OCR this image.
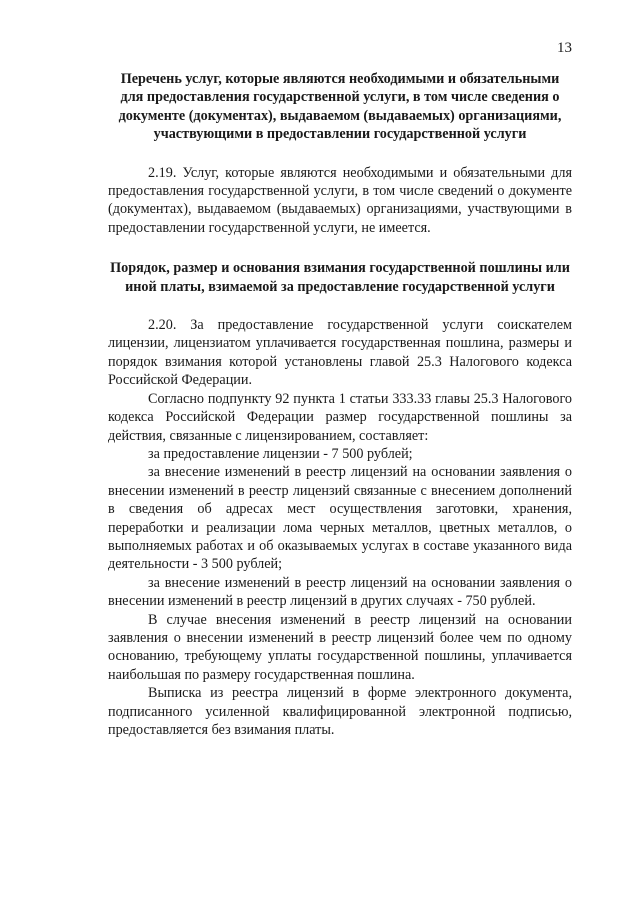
13

Перечень услуг, которые являются необходимыми и обязательными для предоставления государственной услуги, в том числе сведения о документе (документах), выдаваемом (выдаваемых) организациями, участвующими в предоставлении государственной услуги

2.19. Услуг, которые являются необходимыми и обязательными для предоставления государственной услуги, в том числе сведений о документе (документах), выдаваемом (выдаваемых) организациями, участвующими в предоставлении государственной услуги, не имеется.

Порядок, размер и основания взимания государственной пошлины или иной платы, взимаемой за предоставление государственной услуги

2.20. За предоставление государственной услуги соискателем лицензии, лицензиатом уплачивается государственная пошлина, размеры и порядок взимания которой установлены главой 25.3 Налогового кодекса Российской Федерации.

Согласно подпункту 92 пункта 1 статьи 333.33 главы 25.3 Налогового кодекса Российской Федерации размер государственной пошлины за действия, связанные с лицензированием, составляет:

за предоставление лицензии - 7 500 рублей;

за внесение изменений в реестр лицензий на основании заявления о внесении изменений в реестр лицензий связанные с внесением дополнений в сведения об адресах мест осуществления заготовки, хранения, переработки и реализации лома черных металлов, цветных металлов, о выполняемых работах и об оказываемых услугах в составе указанного вида деятельности - 3 500 рублей;

за внесение изменений в реестр лицензий на основании заявления о внесении изменений в реестр лицензий в других случаях - 750 рублей.

В случае внесения изменений в реестр лицензий на основании заявления о внесении изменений в реестр лицензий более чем по одному основанию, требующему уплаты государственной пошлины, уплачивается наибольшая по размеру государственная пошлина.

Выписка из реестра лицензий в форме электронного документа, подписанного усиленной квалифицированной электронной подписью, предоставляется без взимания платы.
